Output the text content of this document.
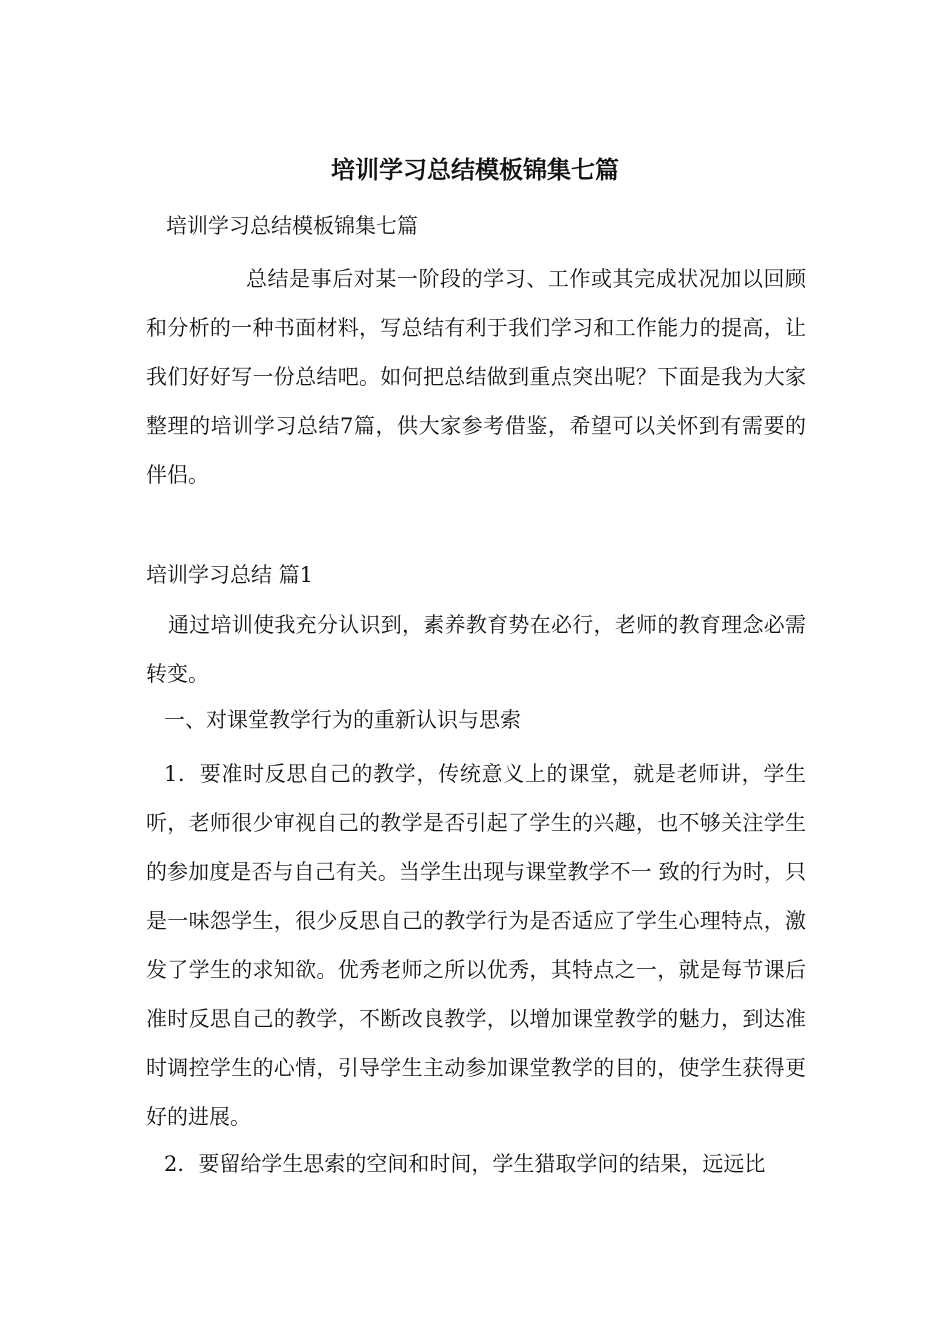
培训学习总结模板锦集七篇

培训学习总结模板锦集七篇

总结是事后对某一阶段的学习、工作或其完成状况加以回顾和分析的一种书面材料，写总结有利于我们学习和工作能力的提高，让我们好好写一份总结吧。如何把总结做到重点突出呢？下面是我为大家整理的培训学习总结7篇，供大家参考借鉴，希望可以关怀到有需要的伴侣。

培训学习总结 篇1

通过培训使我充分认识到，素养教育势在必行，老师的教育理念必需转变。

一、对课堂教学行为的重新认识与思索

1．要准时反思自己的教学，传统意义上的课堂，就是老师讲，学生听，老师很少审视自己的教学是否引起了学生的兴趣，也不够关注学生的参加度是否与自己有关。当学生出现与课堂教学不一 致的行为时，只是一味怨学生，很少反思自己的教学行为是否适应了学生心理特点，激发了学生的求知欲。优秀老师之所以优秀，其特点之一，就是每节课后准时反思自己的教学，不断改良教学，以增加课堂教学的魅力，到达准时调控学生的心情，引导学生主动参加课堂教学的目的，使学生获得更好的进展。

2．要留给学生思索的空间和时间，学生猎取学问的结果，远远比
